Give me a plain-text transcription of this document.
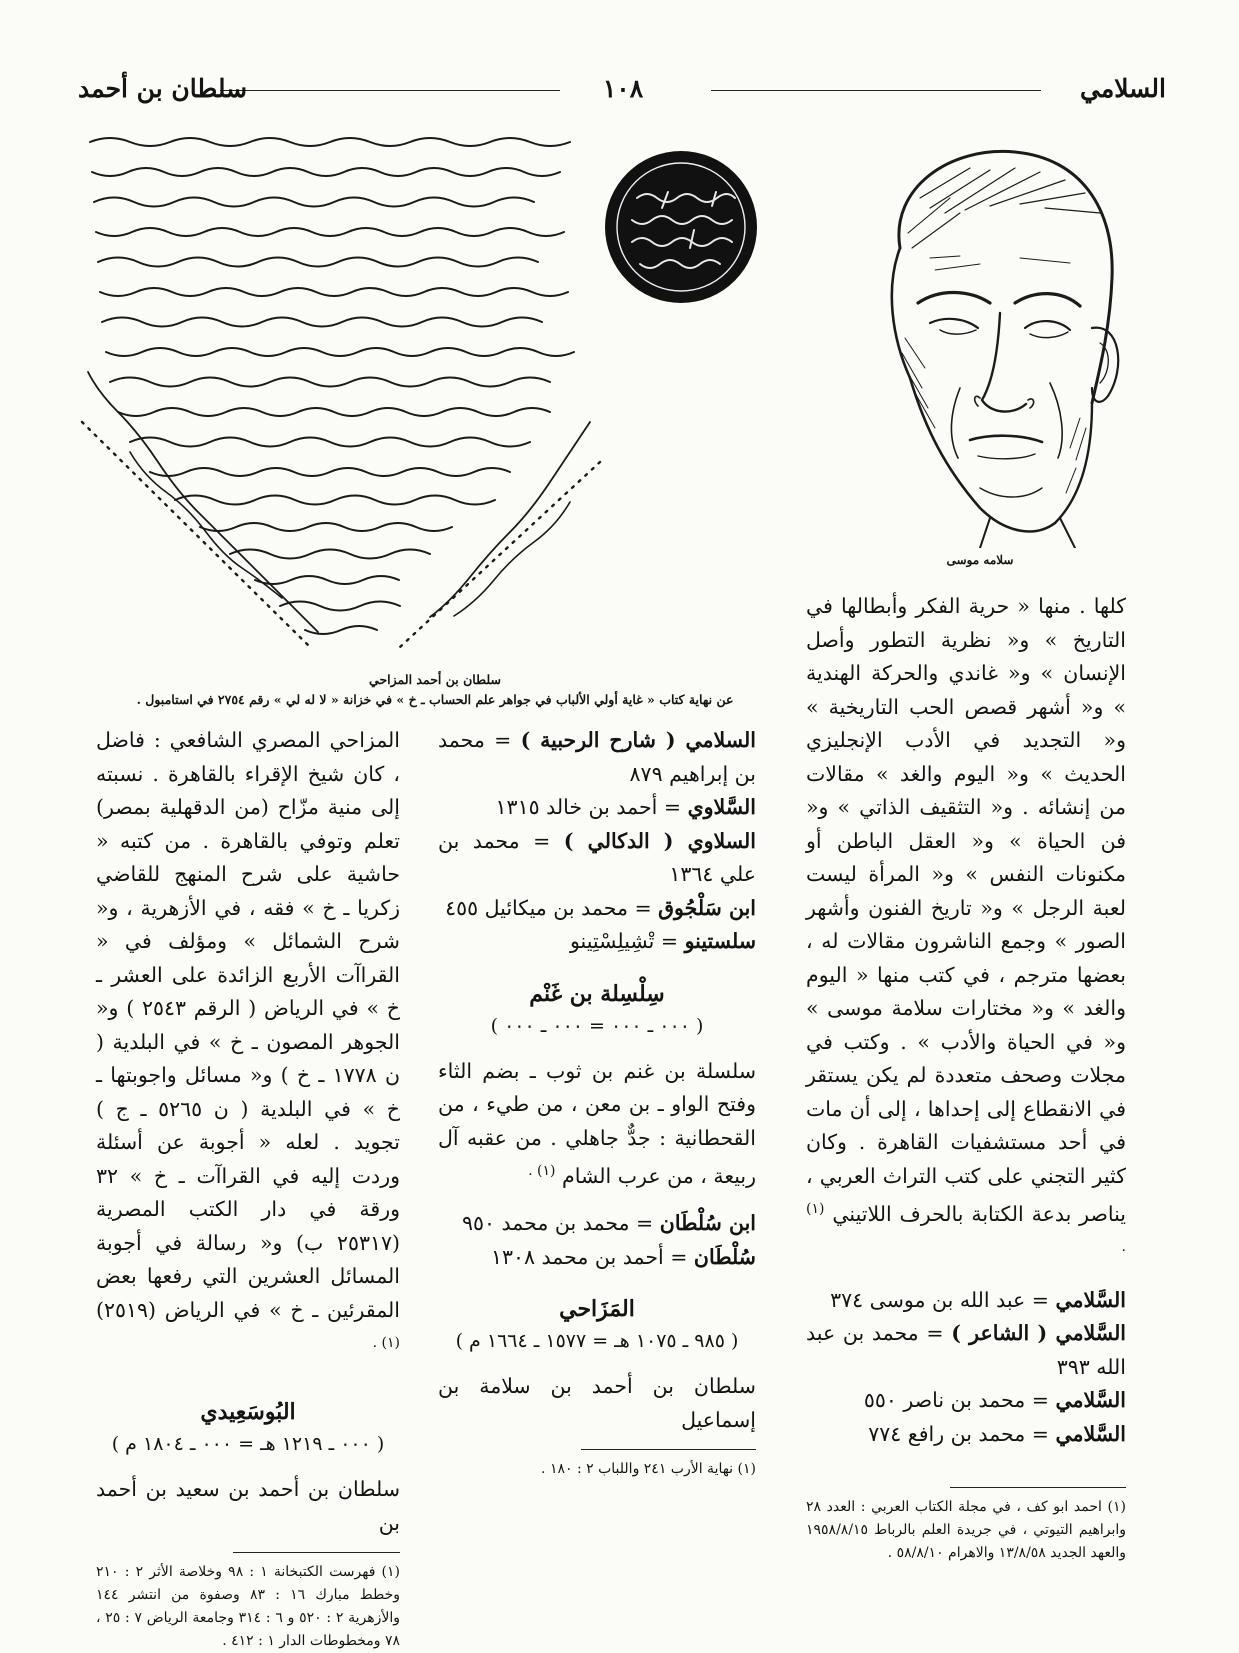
السلامي
١٠٨
سلطان بن أحمد
سلامه موسى
سلطان بن أحمد المزاحي
عن نهاية كتاب « غاية أولي الألباب في جواهر علم الحساب ـ خ » في خزانة « لا له لي » رقم ٢٧٥٤ في استامبول .

كلها . منها « حرية الفكر وأبطالها في التاريخ » و« نظرية التطور وأصل الإنسان » و« غاندي والحركة الهندية » و« أشهر قصص الحب التاريخية » و« التجديد في الأدب الإنجليزي الحديث » و« اليوم والغد » مقالات من إنشائه . و« التثقيف الذاتي » و« فن الحياة » و« العقل الباطن أو مكنونات النفس » و« المرأة ليست لعبة الرجل » و« تاريخ الفنون وأشهر الصور » وجمع الناشرون مقالات له ، بعضها مترجم ، في كتب منها « اليوم والغد » و« مختارات سلامة موسى » و« في الحياة والأدب » . وكتب في مجلات وصحف متعددة لم يكن يستقر في الانقطاع إلى إحداها ، إلى أن مات في أحد مستشفيات القاهرة . وكان كثير التجني على كتب التراث العربي ، يناصر بدعة الكتابة بالحرف اللاتيني $^{(١) .}$

السَّلامي = عبد الله بن موسى ٣٧٤

السَّلامي ( الشاعر ) = محمد بن عبد الله ٣٩٣

السَّلامي = محمد بن ناصر ٥٥٠

السَّلامي = محمد بن رافع ٧٧٤

(١) احمد ابو كف ، في مجلة الكتاب العربي : العدد ٢٨ وابراهيم التيوتي ، في جريدة العلم بالرباط ١٩٥٨/٨/١٥ والعهد الجديد ١٣/٨/٥٨ والاهرام ٥٨/٨/١٠ .

السلامي ( شارح الرحبية ) = محمد بن إبراهيم ٨٧٩

السَّلاوي = أحمد بن خالد ١٣١٥

السلاوي ( الدكالي ) = محمد بن علي ١٣٦٤

ابن سَلْجُوق = محمد بن ميكائيل ٤٥٥

سلستينو = تْشِيلِسْتِينو

سِلْسِلة بن غَنْم
( ٠٠٠ ـ ٠٠٠ = ٠٠٠ ـ ٠٠٠ )

سلسلة بن غنم بن ثوب ـ بضم الثاء وفتح الواو ـ بن معن ، من طيء ، من القحطانية : جدٌّ جاهلي . من عقبه آل ربيعة ، من عرب الشام $^{(١) .}$

ابن سُلْطَان = محمد بن محمد ٩٥٠

سُلْطَان = أحمد بن محمد ١٣٠٨

المَزَاحي
( ٩٨٥ ـ ١٠٧٥ هـ = ١٥٧٧ ـ ١٦٦٤ م )

سلطان بن أحمد بن سلامة بن إسماعيل

(١) نهاية الأرب ٢٤١ واللباب ٢ : ١٨٠ .

المزاحي المصري الشافعي : فاضل ، كان شيخ الإقراء بالقاهرة . نسبته إلى منية مزّاح (من الدقهلية بمصر) تعلم وتوفي بالقاهرة . من كتبه « حاشية على شرح المنهج للقاضي زكريا ـ خ » فقه ، في الأزهرية ، و« شرح الشمائل » ومؤلف في « القراآت الأربع الزائدة على العشر ـ خ » في الرياض ( الرقم ٢٥٤٣ ) و« الجوهر المصون ـ خ » في البلدية ( ن ١٧٧٨ ـ خ ) و« مسائل واجوبتها ـ خ » في البلدية ( ن ٥٢٦٥ ـ ج ) تجويد . لعله « أجوبة عن أسئلة وردت إليه في القراآت ـ خ » ٣٢ ورقة في دار الكتب المصرية (٢٥٣١٧ ب) و« رسالة في أجوبة المسائل العشرين التي رفعها بعض المقرئين ـ خ » في الرياض (٢٥١٩) $^{(١) .}$

البُوسَعِيدي
( ٠٠٠ ـ ١٢١٩ هـ = ٠٠٠ ـ ١٨٠٤ م )

سلطان بن أحمد بن سعيد بن أحمد بن

(١) فهرست الكتبخانة ١ : ٩٨ وخلاصة الأثر ٢ : ٢١٠ وخطط مبارك ١٦ : ٨٣ وصفوة من انتشر ١٤٤ والأزهرية ٢ : ٥٢٠ و ٦ : ٣١٤ وجامعة الرياض ٧ : ٢٥ ، ٧٨ ومخطوطات الدار ١ : ٤١٢ .
